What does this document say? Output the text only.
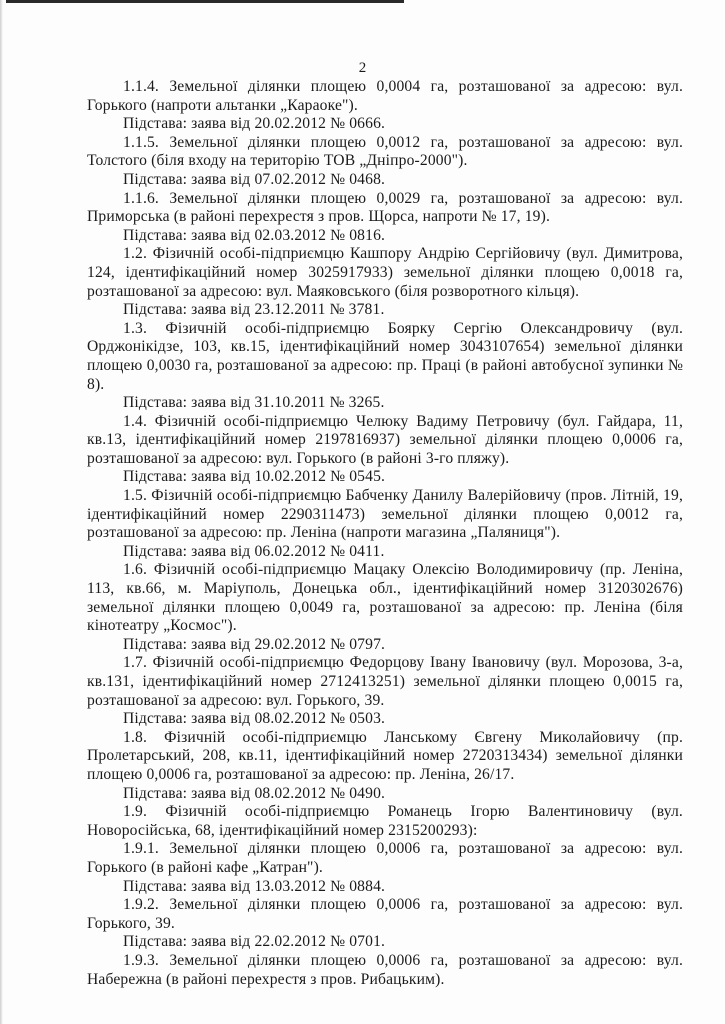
2

1.1.4. Земельної ділянки площею 0,0004 га, розташованої за адресою: вул. Горького (напроти альтанки „Караоке").

Підстава: заява від 20.02.2012 № 0666.

1.1.5. Земельної ділянки площею 0,0012 га, розташованої за адресою: вул. Толстого (біля входу на територію ТОВ „Дніпро-2000").

Підстава: заява від 07.02.2012 № 0468.

1.1.6. Земельної ділянки площею 0,0029 га, розташованої за адресою: вул. Приморська (в районі перехрестя з пров. Щорса, напроти № 17, 19).

Підстава: заява від 02.03.2012 № 0816.

1.2. Фізичній особі-підприємцю Кашпору Андрію Сергійовичу (вул. Димитрова, 124, ідентифікаційний номер 3025917933) земельної ділянки площею 0,0018 га, розташованої за адресою: вул. Маяковського (біля розворотного кільця).

Підстава: заява від 23.12.2011 № 3781.

1.3. Фізичній особі-підприємцю Боярку Сергію Олександровичу (вул. Орджонікідзе, 103, кв.15, ідентифікаційний номер 3043107654) земельної ділянки площею 0,0030 га, розташованої за адресою: пр. Праці (в районі автобусної зупинки № 8).

Підстава: заява від 31.10.2011 № 3265.

1.4. Фізичній особі-підприємцю Челюку Вадиму Петровичу (бул. Гайдара, 11, кв.13, ідентифікаційний номер 2197816937) земельної ділянки площею 0,0006 га, розташованої за адресою: вул. Горького (в районі 3-го пляжу).

Підстава: заява від 10.02.2012 № 0545.

1.5. Фізичній особі-підприємцю Бабченку Данилу Валерійовичу (пров. Літній, 19, ідентифікаційний номер 2290311473) земельної ділянки площею 0,0012 га, розташованої за адресою: пр. Леніна (напроти магазина „Паляниця").

Підстава: заява від 06.02.2012 № 0411.

1.6. Фізичній особі-підприємцю Мацаку Олексію Володимировичу (пр. Леніна, 113, кв.66, м. Маріуполь, Донецька обл., ідентифікаційний номер 3120302676) земельної ділянки площею 0,0049 га, розташованої за адресою: пр. Леніна (біля кінотеатру „Космос").

Підстава: заява від 29.02.2012 № 0797.

1.7. Фізичній особі-підприємцю Федорцову Івану Івановичу (вул. Морозова, 3-а, кв.131, ідентифікаційний номер 2712413251) земельної ділянки площею 0,0015 га, розташованої за адресою: вул. Горького, 39.

Підстава: заява від 08.02.2012 № 0503.

1.8. Фізичній особі-підприємцю Ланському Євгену Миколайовичу (пр. Пролетарський, 208, кв.11, ідентифікаційний номер 2720313434) земельної ділянки площею 0,0006 га, розташованої за адресою: пр. Леніна, 26/17.

Підстава: заява від 08.02.2012 № 0490.

1.9. Фізичній особі-підприємцю Романець Ігорю Валентиновичу (вул. Новоросійська, 68, ідентифікаційний номер 2315200293):

1.9.1. Земельної ділянки площею 0,0006 га, розташованої за адресою: вул. Горького (в районі кафе „Катран").

Підстава: заява від 13.03.2012 № 0884.

1.9.2. Земельної ділянки площею 0,0006 га, розташованої за адресою: вул. Горького, 39.

Підстава: заява від 22.02.2012 № 0701.

1.9.3. Земельної ділянки площею 0,0006 га, розташованої за адресою: вул. Набережна (в районі перехрестя з пров. Рибацьким).
